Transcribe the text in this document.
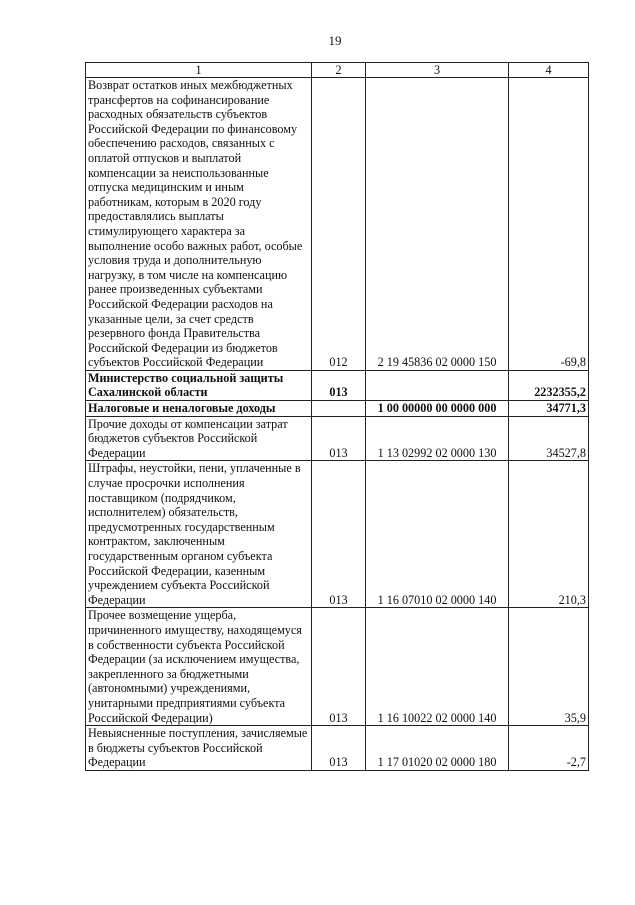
19
1	2	3	4
Возврат остатков иных межбюджетных трансфертов на софинансирование расходных обязательств субъектов Российской Федерации по финансовому обеспечению расходов, связанных с оплатой отпусков и выплатой компенсации за неиспользованные отпуска медицинским и иным работникам, которым в 2020 году предоставлялись выплаты стимулирующего характера за выполнение особо важных работ, особые условия труда и дополнительную нагрузку, в том числе на компенсацию ранее произведенных субъектами Российской Федерации расходов на указанные цели, за счет средств резервного фонда Правительства Российской Федерации из бюджетов субъектов Российской Федерации	012	2 19 45836 02 0000 150	-69,8
Министерство социальной защиты Сахалинской области	013		2232355,2
Налоговые и неналоговые доходы		1 00 00000 00 0000 000	34771,3
Прочие доходы от компенсации затрат бюджетов субъектов Российской Федерации	013	1 13 02992 02 0000 130	34527,8
Штрафы, неустойки, пени, уплаченные в случае просрочки исполнения поставщиком (подрядчиком, исполнителем) обязательств, предусмотренных государственным контрактом, заключенным государственным органом субъекта Российской Федерации, казенным учреждением субъекта Российской Федерации	013	1 16 07010 02 0000 140	210,3
Прочее возмещение ущерба, причиненного имуществу, находящемуся в собственности субъекта Российской Федерации (за исключением имущества, закрепленного за бюджетными (автономными) учреждениями, унитарными предприятиями субъекта Российской Федерации)	013	1 16 10022 02 0000 140	35,9
Невыясненные поступления, зачисляемые в бюджеты субъектов Российской Федерации	013	1 17 01020 02 0000 180	-2,7
